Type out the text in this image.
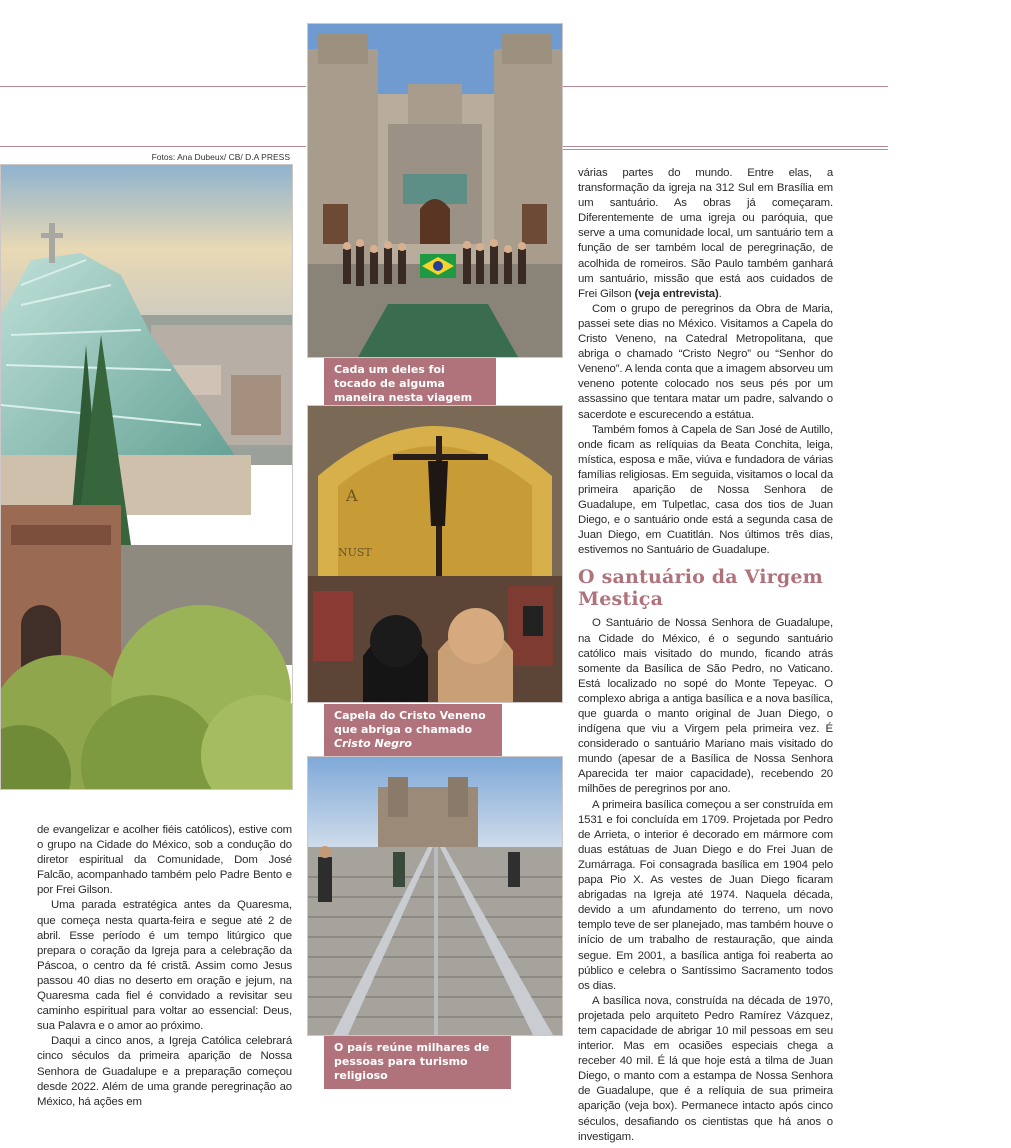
Fotos: Ana Dubeux/ CB/ D.A PRESS
Cada um deles foi tocado de alguma maneira nesta viagem
A
NUST
Capela do Cristo Veneno que abriga o chamado Cristo Negro
O país reúne milhares de pessoas para turismo religioso

de evangelizar e acolher fiéis católicos), estive com o grupo na Cidade do México, sob a condução do diretor espiritual da Comunidade, Dom José Falcão, acompanhado também pelo Padre Bento e por Frei Gilson.

Uma parada estratégica antes da Quaresma, que começa nesta quarta-feira e segue até 2 de abril. Esse período é um tempo litúrgico que prepara o coração da Igreja para a celebração da Páscoa, o centro da fé cristã. Assim como Jesus passou 40 dias no deserto em oração e jejum, na Quaresma cada fiel é convidado a revisitar seu caminho espiritual para voltar ao essencial: Deus, sua Palavra e o amor ao próximo.

Daqui a cinco anos, a Igreja Católica celebrará cinco séculos da primeira aparição de Nossa Senhora de Guadalupe e a preparação começou desde 2022. Além de uma grande peregrinação ao México, há ações em

várias partes do mundo. Entre elas, a transformação da igreja na 312 Sul em Brasília em um santuário. As obras já começaram. Diferentemente de uma igreja ou paróquia, que serve a uma comunidade local, um santuário tem a função de ser também local de peregrinação, de acolhida de romeiros. São Paulo também ganhará um santuário, missão que está aos cuidados de Frei Gilson (veja entrevista).

Com o grupo de peregrinos da Obra de Maria, passei sete dias no México. Visitamos a Capela do Cristo Veneno, na Catedral Metropolitana, que abriga o chamado “Cristo Negro” ou “Senhor do Veneno”. A lenda conta que a imagem absorveu um veneno potente colocado nos seus pés por um assassino que tentara matar um padre, salvando o sacerdote e escurecendo a estátua.

Também fomos à Capela de San José de Autillo, onde ficam as relíquias da Beata Conchita, leiga, mística, esposa e mãe, viúva e fundadora de várias famílias religiosas. Em seguida, visitamos o local da primeira aparição de Nossa Senhora de Guadalupe, em Tulpetlac, casa dos tios de Juan Diego, e o santuário onde está a segunda casa de Juan Diego, em Cuatitlán. Nos últimos três dias, estivemos no Santuário de Guadalupe.

O santuário da Virgem Mestiça

O Santuário de Nossa Senhora de Guadalupe, na Cidade do México, é o segundo santuário católico mais visitado do mundo, ficando atrás somente da Basílica de São Pedro, no Vaticano. Está localizado no sopé do Monte Tepeyac. O complexo abriga a antiga basílica e a nova basílica, que guarda o manto original de Juan Diego, o indígena que viu a Virgem pela primeira vez. É considerado o santuário Mariano mais visitado do mundo (apesar de a Basílica de Nossa Senhora Aparecida ter maior capacidade), recebendo 20 milhões de peregrinos por ano.

A primeira basílica começou a ser construída em 1531 e foi concluída em 1709. Projetada por Pedro de Arrieta, o interior é decorado em mármore com duas estátuas de Juan Diego e do Frei Juan de Zumárraga. Foi consagrada basílica em 1904 pelo papa Pio X. As vestes de Juan Diego ficaram abrigadas na Igreja até 1974. Naquela década, devido a um afundamento do terreno, um novo templo teve de ser planejado, mas também houve o início de um trabalho de restauração, que ainda segue. Em 2001, a basílica antiga foi reaberta ao público e celebra o Santíssimo Sacramento todos os dias.

A basílica nova, construída na década de 1970, projetada pelo arquiteto Pedro Ramírez Vázquez, tem capacidade de abrigar 10 mil pessoas em seu interior. Mas em ocasiões especiais chega a receber 40 mil. É lá que hoje está a tilma de Juan Diego, o manto com a estampa de Nossa Senhora de Guadalupe, que é a relíquia de sua primeira aparição (veja box). Permanece intacto após cinco séculos, desafiando os cientistas que há anos o investigam.
